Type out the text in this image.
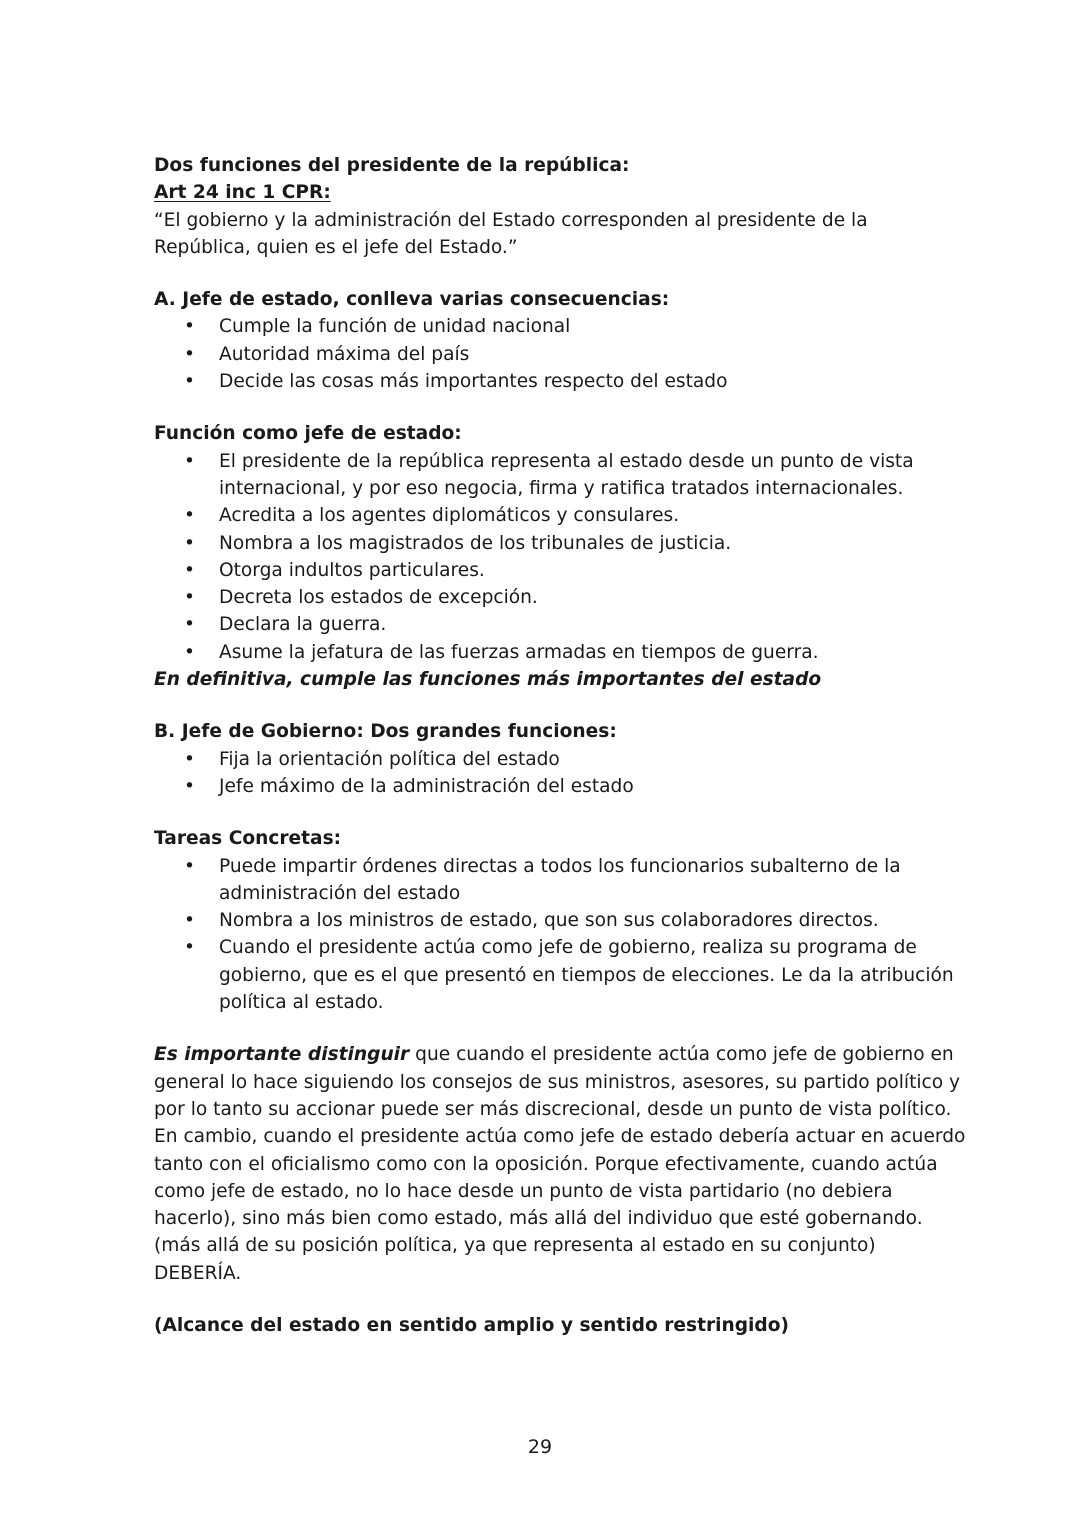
Dos funciones del presidente de la república:
Art 24 inc 1 CPR:
“El gobierno y la administración del Estado corresponden al presidente de la
República, quien es el jefe del Estado.”
A. Jefe de estado, conlleva varias consecuencias:
• Cumple la función de unidad nacional
• Autoridad máxima del país
• Decide las cosas más importantes respecto del estado
Función como jefe de estado:
• El presidente de la república representa al estado desde un punto de vista
internacional, y por eso negocia, firma y ratifica tratados internacionales.
• Acredita a los agentes diplomáticos y consulares.
• Nombra a los magistrados de los tribunales de justicia.
• Otorga indultos particulares.
• Decreta los estados de excepción.
• Declara la guerra.
• Asume la jefatura de las fuerzas armadas en tiempos de guerra.
En definitiva, cumple las funciones más importantes del estado
B. Jefe de Gobierno: Dos grandes funciones:
• Fija la orientación política del estado
• Jefe máximo de la administración del estado
Tareas Concretas:
• Puede impartir órdenes directas a todos los funcionarios subalterno de la
administración del estado
• Nombra a los ministros de estado, que son sus colaboradores directos.
• Cuando el presidente actúa como jefe de gobierno, realiza su programa de
gobierno, que es el que presentó en tiempos de elecciones. Le da la atribución
política al estado.
Es importante distinguir que cuando el presidente actúa como jefe de gobierno en
general lo hace siguiendo los consejos de sus ministros, asesores, su partido político y
por lo tanto su accionar puede ser más discrecional, desde un punto de vista político.
En cambio, cuando el presidente actúa como jefe de estado debería actuar en acuerdo
tanto con el oficialismo como con la oposición. Porque efectivamente, cuando actúa
como jefe de estado, no lo hace desde un punto de vista partidario (no debiera
hacerlo), sino más bien como estado, más allá del individuo que esté gobernando.
(más allá de su posición política, ya que representa al estado en su conjunto)
DEBERÍA.
(Alcance del estado en sentido amplio y sentido restringido)
29
